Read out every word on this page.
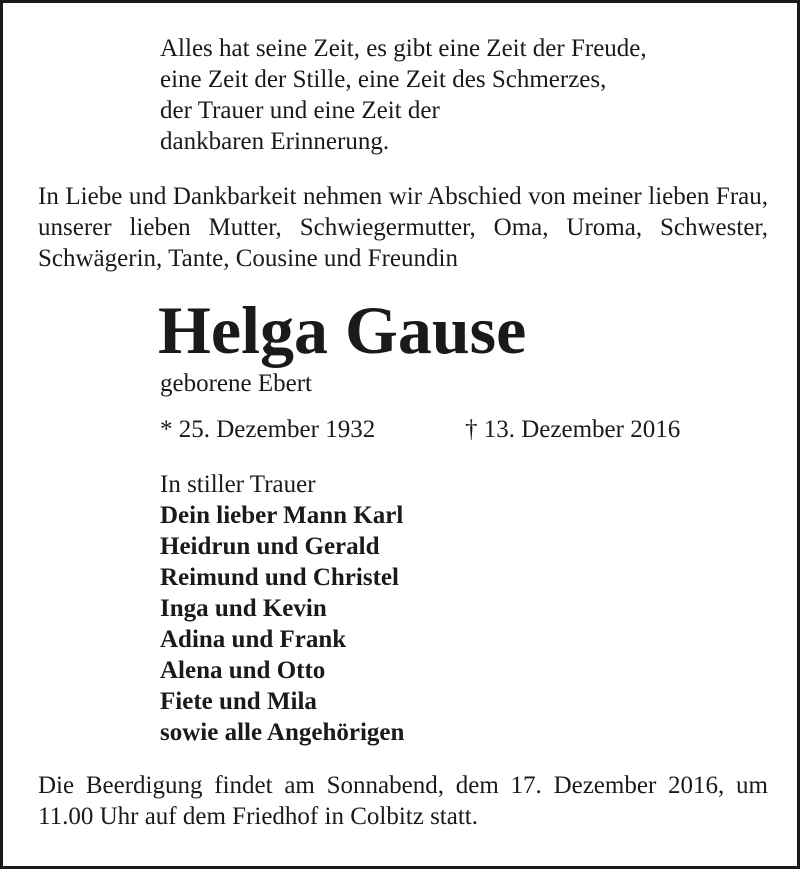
Alles hat seine Zeit, es gibt eine Zeit der Freude,
eine Zeit der Stille, eine Zeit des Schmerzes,
der Trauer und eine Zeit der
dankbaren Erinnerung.

In Liebe und Dankbarkeit nehmen wir Abschied von meiner lieben Frau, unserer lieben Mutter, Schwiegermutter, Oma, Uroma, Schwester, Schwägerin, Tante, Cousine und Freundin

Helga Gause

geborene Ebert

* 25. Dezember 1932	† 13. Dezember 2016

In stiller Trauer

Dein lieber Mann Karl
Heidrun und Gerald
Reimund und Christel
Inga und Kevin
Adina und Frank
Alena und Otto
Fiete und Mila
sowie alle Angehörigen

Die Beerdigung findet am Sonnabend, dem 17. Dezember 2016, um 11.00 Uhr auf dem Friedhof in Colbitz statt.
